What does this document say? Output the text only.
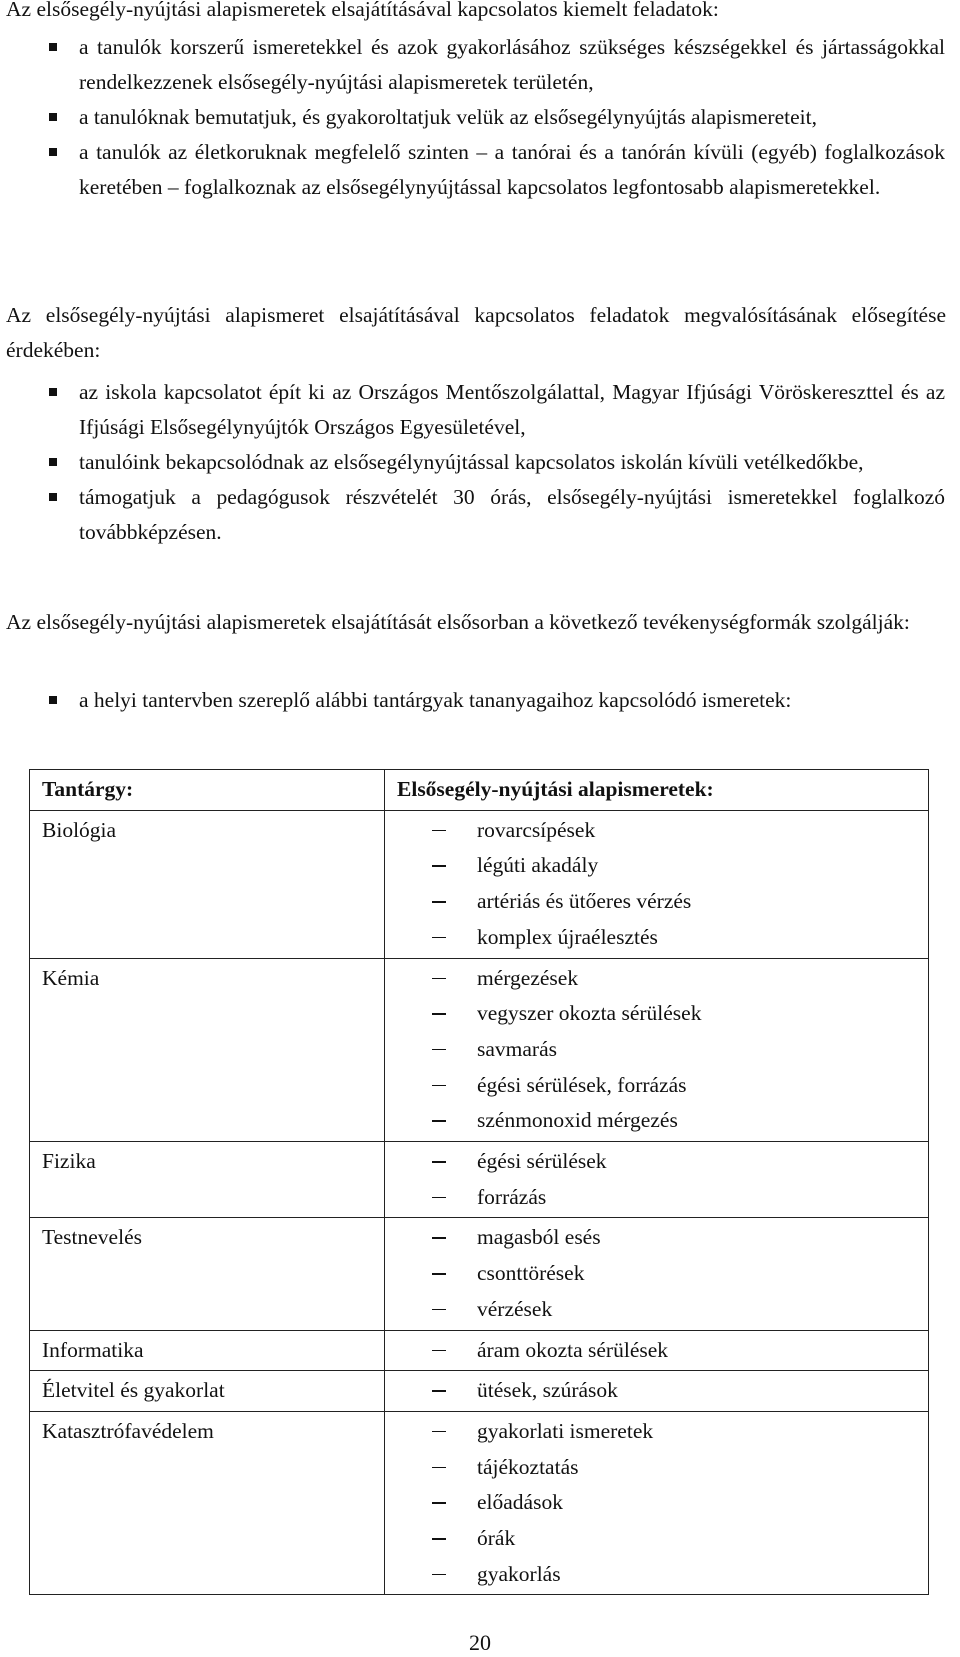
Az elsősegély-nyújtási alapismeretek elsajátításával kapcsolatos kiemelt feladatok:

a tanulók korszerű ismeretekkel és azok gyakorlásához szükséges készségekkel és jártasságokkal rendelkezzenek elsősegély-nyújtási alapismeretek területén,
a tanulóknak bemutatjuk, és gyakoroltatjuk velük az elsősegélynyújtás alapismereteit,
a tanulók az életkoruknak megfelelő szinten – a tanórai és a tanórán kívüli (egyéb) foglalkozások keretében – foglalkoznak az elsősegélynyújtással kapcsolatos legfontosabb alapismeretekkel.

Az elsősegély-nyújtási alapismeret elsajátításával kapcsolatos feladatok megvalósításának elősegítése érdekében:

az iskola kapcsolatot épít ki az Országos Mentőszolgálattal, Magyar Ifjúsági Vöröskereszttel és az Ifjúsági Elsősegélynyújtók Országos Egyesületével,
tanulóink bekapcsolódnak az elsősegélynyújtással kapcsolatos iskolán kívüli vetélkedőkbe,
támogatjuk a pedagógusok részvételét 30 órás, elsősegély-nyújtási ismeretekkel foglalkozó továbbképzésen.

Az elsősegély-nyújtási alapismeretek elsajátítását elsősorban a következő tevékenységformák szolgálják:

a helyi tantervben szereplő alábbi tantárgyak tananyagaihoz kapcsolódó ismeretek:
Tantárgy:	Elsősegély-nyújtási alapismeretek:
Biológia	rovarcsípések
légúti akadály
artériás és ütőeres vérzés
komplex újraélesztés

Kémia	mérgezések
vegyszer okozta sérülések
savmarás
égési sérülések, forrázás
szénmonoxid mérgezés

Fizika	égési sérülések
forrázás

Testnevelés	magasból esés
csonttörések
vérzések

Informatika	áram okozta sérülések

Életvitel és gyakorlat	ütések, szúrások

Katasztrófavédelem	gyakorlati ismeretek
tájékoztatás
előadások
órák
gyakorlás
20
